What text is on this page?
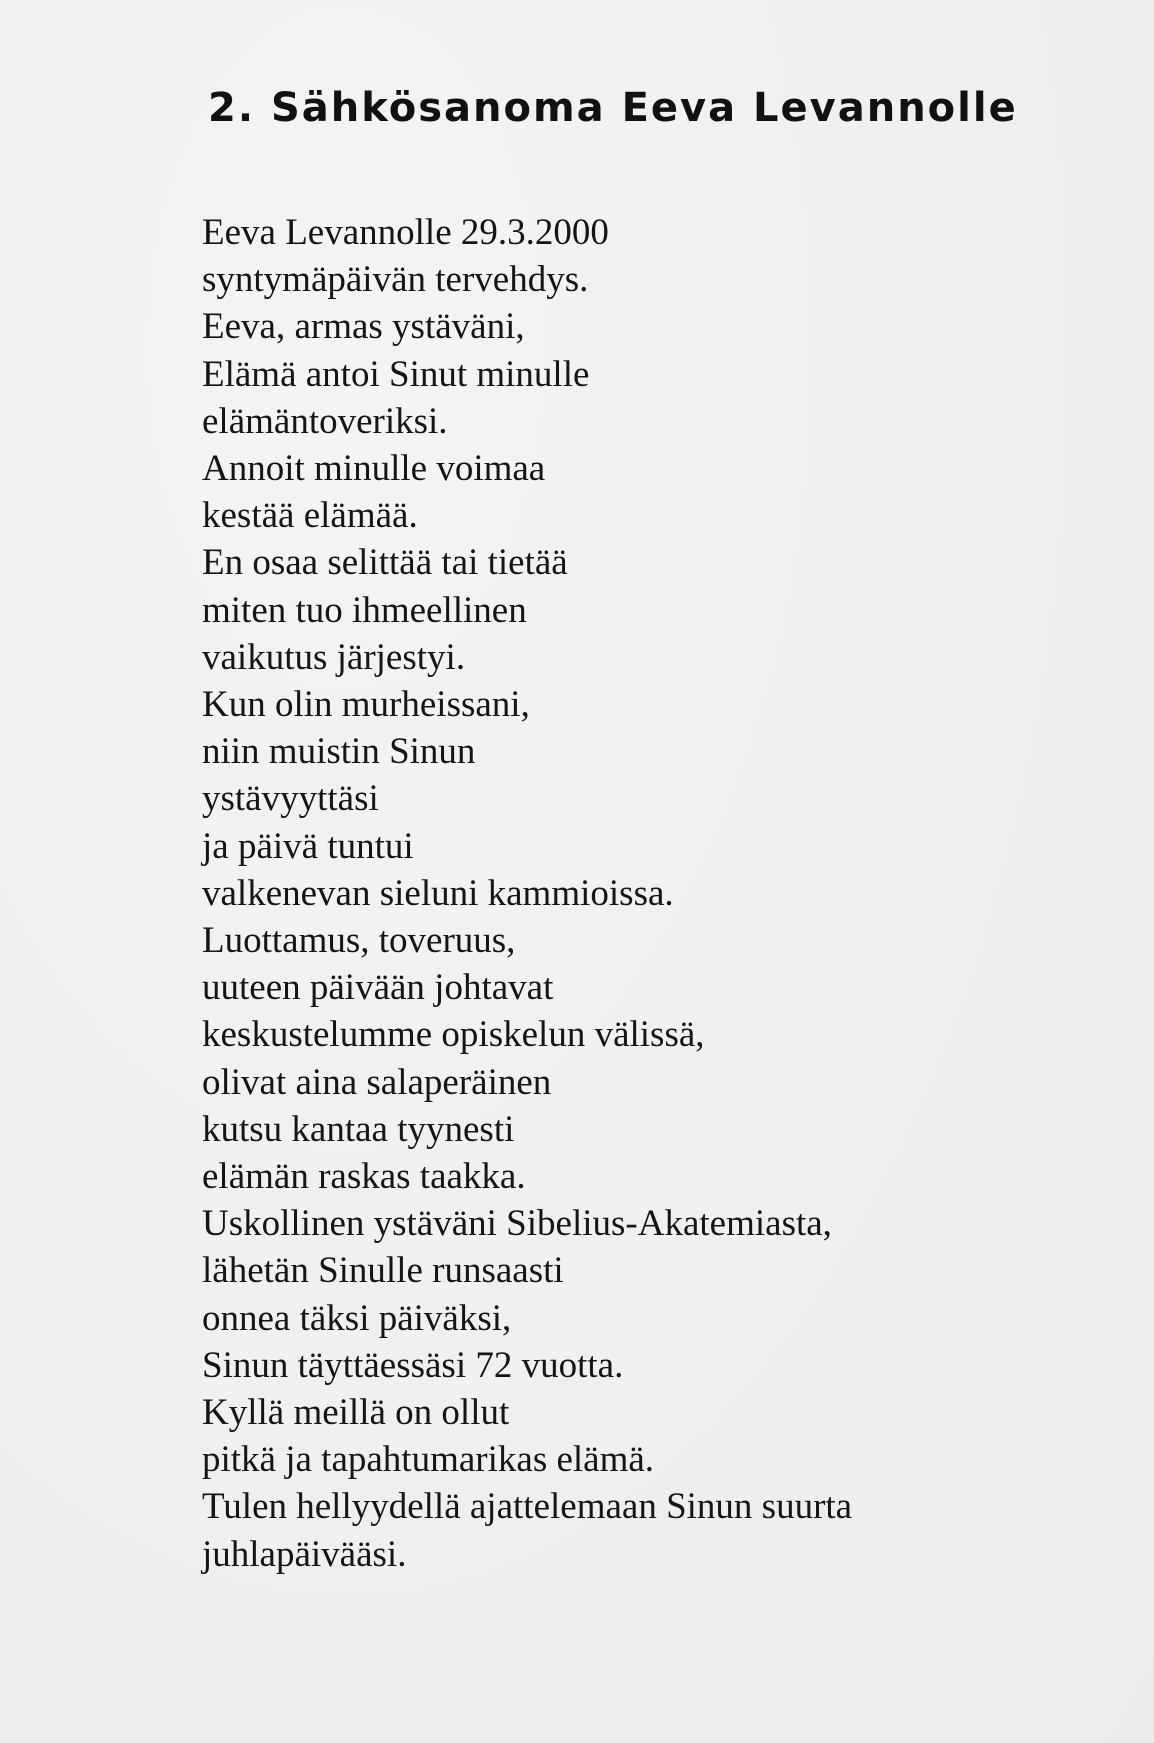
2. Sähkösanoma Eeva Levannolle
Eeva Levannolle 29.3.2000
syntymäpäivän tervehdys.
Eeva, armas ystäväni,
Elämä antoi Sinut minulle
elämäntoveriksi.
Annoit minulle voimaa
kestää elämää.
En osaa selittää tai tietää
miten tuo ihmeellinen
vaikutus järjestyi.
Kun olin murheissani,
niin muistin Sinun
ystävyyttäsi
ja päivä tuntui
valkenevan sieluni kammioissa.
Luottamus, toveruus,
uuteen päivään johtavat
keskustelumme opiskelun välissä,
olivat aina salaperäinen
kutsu kantaa tyynesti
elämän raskas taakka.
Uskollinen ystäväni Sibelius-Akatemiasta,
lähetän Sinulle runsaasti
onnea täksi päiväksi,
Sinun täyttäessäsi 72 vuotta.
Kyllä meillä on ollut
pitkä ja tapahtumarikas elämä.
Tulen hellyydellä ajattelemaan Sinun suurta
juhlapäivääsi.
